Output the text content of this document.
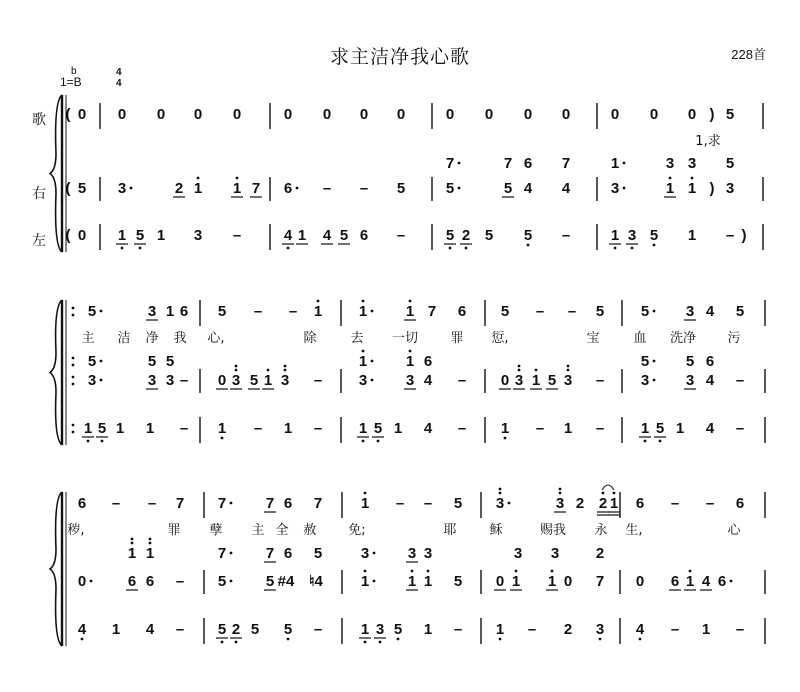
求主洁净我心歌	228首
1=B
b	4
4
歌
右
左
( 0 0 0 0 0	0 0 0 0	0 0 0 0	0 0 0 ) 5
1,求
7	7 6 7	1	3 3 5
( 5 3	2 1 1 7 6 – – 5	5	5 4 4	3	1 1 ) 3
( 0 1 5 1 3 –	4 1 4 5 6 –	5 2 5 5 –	1 3 5 1 – )
5	3 1 6 5 – – 1 1	1 7 6 5 – – 5 5 3 4 5
主 洁 净 我 心,	除	去 一切 罪 愆,	宝	血 洗净 污
5	5 5	1	1 6	5 5 6
3	3 3 – 0 3 5 1 3 – 3	3 4 – 0 3 1 5 3 – 3 3 4 –
1 5 1 1 – 1 – 1 – 1 5 1 4 – 1 – 1 – 1 5 1 4 –
6 – – 7 7	7 6 7	1 – – 5 3	3 2 2 1 6 – – 6
秽,	罪 孽 主 全 赦 免;	耶	稣	赐我 永 生,	心
1 1	7	7 6 5	3	3 3	3 3 2
0	6 6 – 5	5 #4 ♮4	1	1 1 5 0 1 1 0 7 0 6 1 4 6
4 1 4 – 5 2 5 5 –	1 3 5 1 – 1 – 2 3 4 – 1 –
